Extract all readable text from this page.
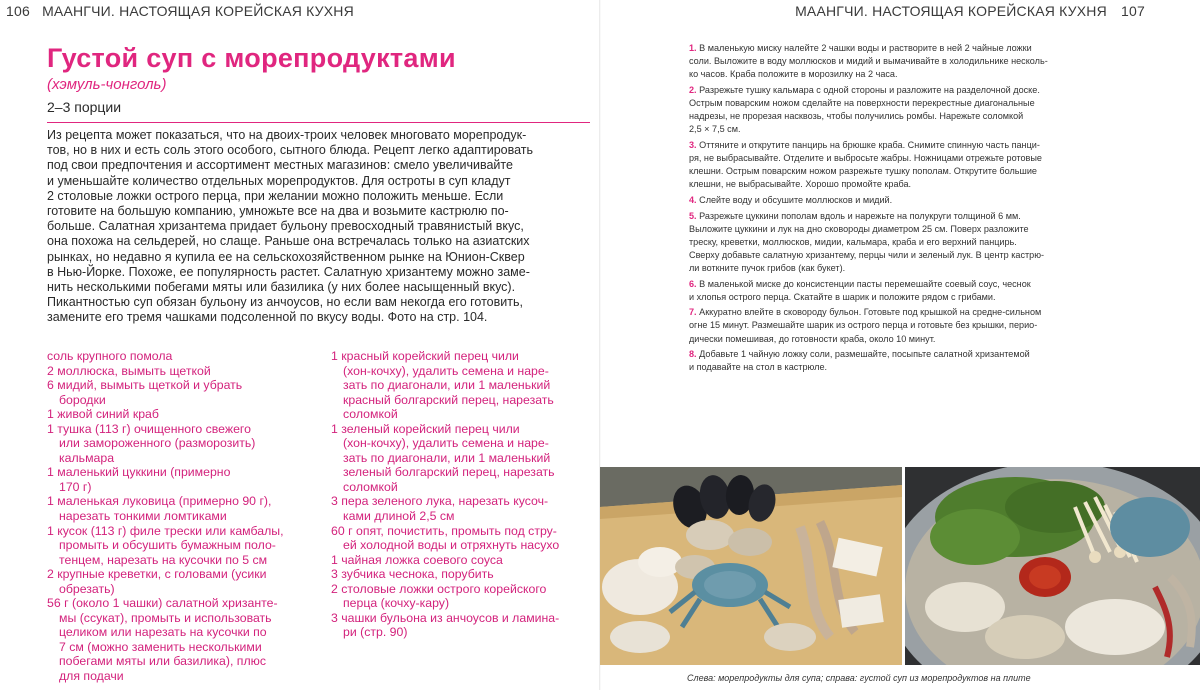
106 МААНГЧИ. НАСТОЯЩАЯ КОРЕЙСКАЯ КУХНЯ
Густой суп с морепродуктами
(хэмуль-чонголь)
2–3 порции
Из рецепта может показаться, что на двоих-троих человек многовато морепродук-
тов, но в них и есть соль этого особого, сытного блюда. Рецепт легко адаптировать
под свои предпочтения и ассортимент местных магазинов: смело увеличивайте
и уменьшайте количество отдельных морепродуктов. Для остроты в суп кладут
2 столовые ложки острого перца, при желании можно положить меньше. Если
готовите на большую компанию, умножьте все на два и возьмите кастрюлю по-
больше. Салатная хризантема придает бульону превосходный травянистый вкус,
она похожа на сельдерей, но слаще. Раньше она встречалась только на азиатских
рынках, но недавно я купила ее на сельскохозяйственном рынке на Юнион-Сквер
в Нью-Йорке. Похоже, ее популярность растет. Салатную хризантему можно заме-
нить несколькими побегами мяты или базилика (у них более насыщенный вкус).
Пикантностью суп обязан бульону из анчоусов, но если вам некогда его готовить,
замените его тремя чашками подсоленной по вкусу воды. Фото на стр. 104.
соль крупного помола
2 моллюска, вымыть щеткой
6 мидий, вымыть щеткой и убрать
бородки
1 живой синий краб
1 тушка (113 г) очищенного свежего
или замороженного (разморозить)
кальмара
1 маленький цуккини (примерно
170 г)
1 маленькая луковица (примерно 90 г),
нарезать тонкими ломтиками
1 кусок (113 г) филе трески или камбалы,
промыть и обсушить бумажным поло-
тенцем, нарезать на кусочки по 5 см
2 крупные креветки, с головами (усики
обрезать)
56 г (около 1 чашки) салатной хризанте-
мы (ссукат), промыть и использовать
целиком или нарезать на кусочки по
7 см (можно заменить несколькими
побегами мяты или базилика), плюс
для подачи
1 красный корейский перец чили
(хон-кочху), удалить семена и наре-
зать по диагонали, или 1 маленький
красный болгарский перец, нарезать
соломкой
1 зеленый корейский перец чили
(хон-кочху), удалить семена и наре-
зать по диагонали, или 1 маленький
зеленый болгарский перец, нарезать
соломкой
3 пера зеленого лука, нарезать кусоч-
ками длиной 2,5 см
60 г опят, почистить, промыть под стру-
ей холодной воды и отряхнуть насухо
1 чайная ложка соевого соуса
3 зубчика чеснока, порубить
2 столовые ложки острого корейского
перца (кочху-кару)
3 чашки бульона из анчоусов и ламина-
ри (стр. 90)
МААНГЧИ. НАСТОЯЩАЯ КОРЕЙСКАЯ КУХНЯ 107
1. В маленькую миску налейте 2 чашки воды и растворите в ней 2 чайные ложки
соли. Выложите в воду моллюсков и мидий и вымачивайте в холодильнике несколь-
ко часов. Краба положите в морозилку на 2 часа.
2. Разрежьте тушку кальмара с одной стороны и разложите на разделочной доске.
Острым поварским ножом сделайте на поверхности перекрестные диагональные
надрезы, не прорезая насквозь, чтобы получились ромбы. Нарежьте соломкой
2,5 × 7,5 см.
3. Оттяните и открутите панцирь на брюшке краба. Снимите спинную часть панци-
ря, не выбрасывайте. Отделите и выбросьте жабры. Ножницами отрежьте ротовые
клешни. Острым поварским ножом разрежьте тушку пополам. Открутите большие
клешни, не выбрасывайте. Хорошо промойте краба.
4. Слейте воду и обсушите моллюсков и мидий.
5. Разрежьте цуккини пополам вдоль и нарежьте на полукруги толщиной 6 мм.
Выложите цуккини и лук на дно сковороды диаметром 25 см. Поверх разложите
треску, креветки, моллюсков, мидии, кальмара, краба и его верхний панцирь.
Сверху добавьте салатную хризантему, перцы чили и зеленый лук. В центр кастрю-
ли воткните пучок грибов (как букет).
6. В маленькой миске до консистенции пасты перемешайте соевый соус, чеснок
и хлопья острого перца. Скатайте в шарик и положите рядом с грибами.
7. Аккуратно влейте в сковороду бульон. Готовьте под крышкой на средне-сильном
огне 15 минут. Размешайте шарик из острого перца и готовьте без крышки, перио-
дически помешивая, до готовности краба, около 10 минут.
8. Добавьте 1 чайную ложку соли, размешайте, посыпьте салатной хризантемой
и подавайте на стол в кастрюле.
Слева: морепродукты для супа; справа: густой суп из морепродуктов на плите
